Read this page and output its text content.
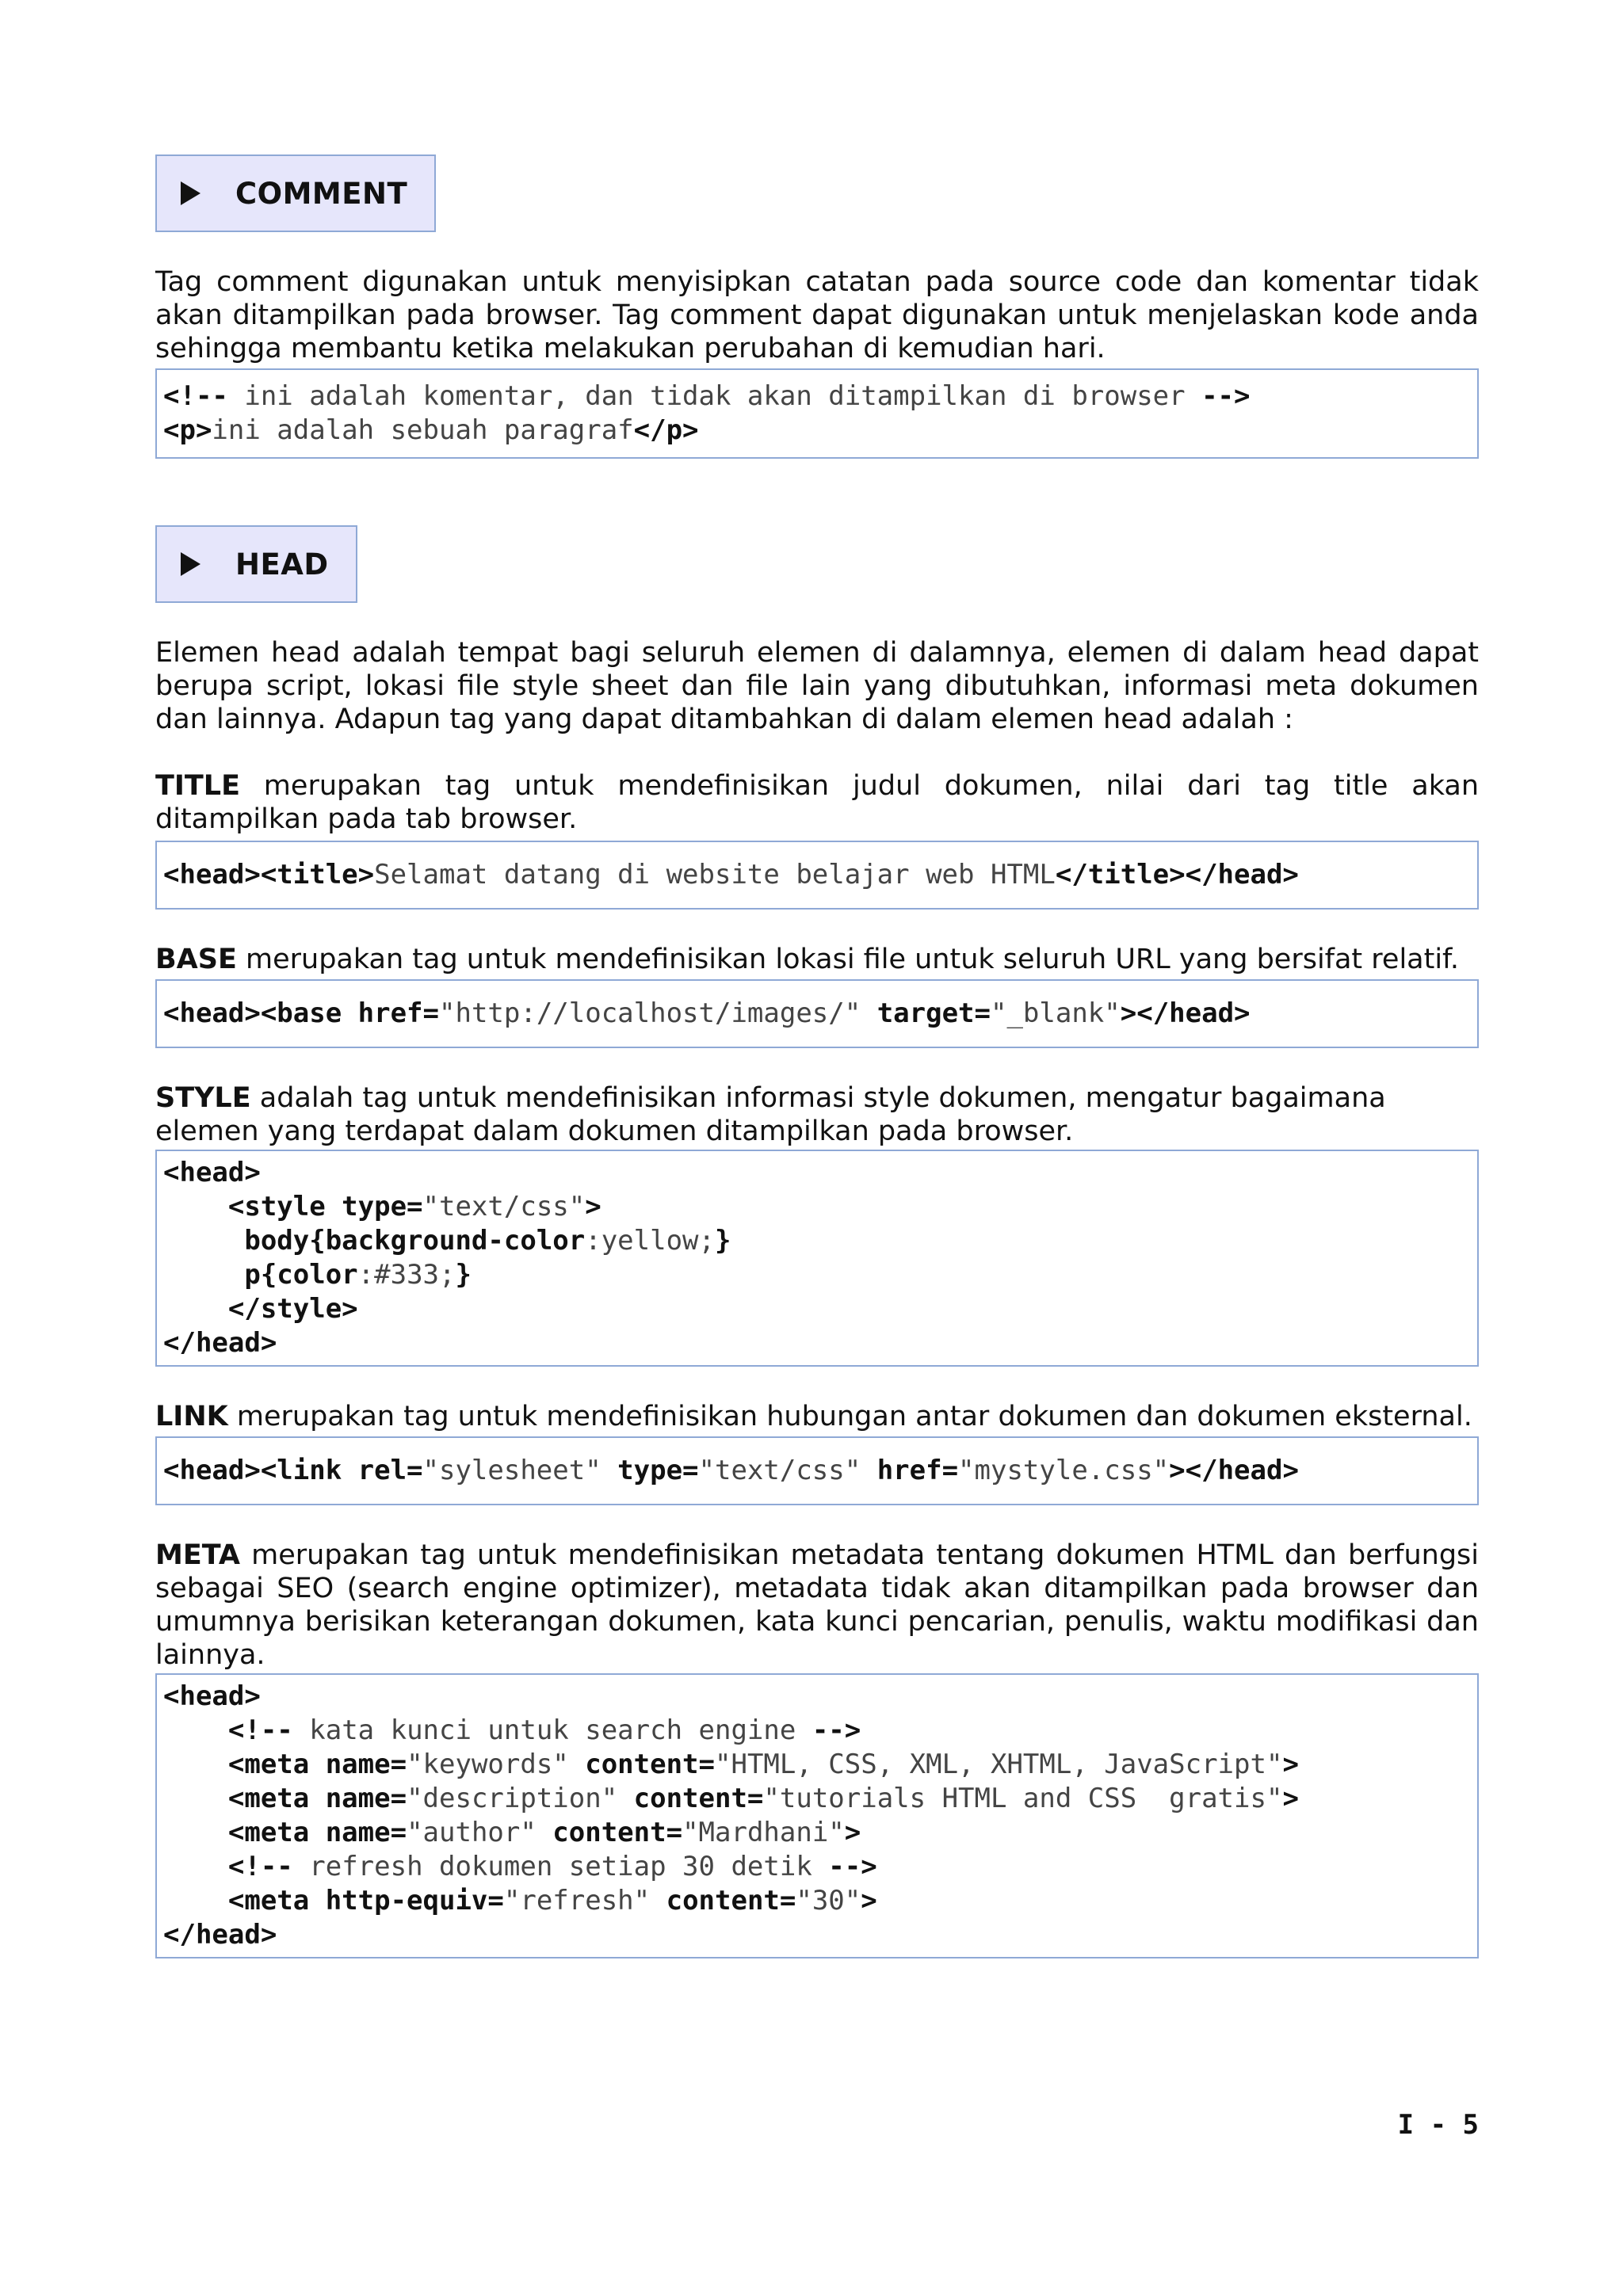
COMMENT

Tag comment digunakan untuk menyisipkan catatan pada source code dan komentar tidak akan ditampilkan pada browser. Tag comment dapat digunakan untuk menjelaskan kode anda sehingga membantu ketika melakukan perubahan di kemudian hari.

<!-- ini adalah komentar, dan tidak akan ditampilkan di browser -->
<p>ini adalah sebuah paragraf</p>
HEAD

Elemen head adalah tempat bagi seluruh elemen di dalamnya, elemen di dalam head dapat berupa script, lokasi file style sheet dan file lain yang dibutuhkan, informasi meta dokumen dan lainnya. Adapun tag yang dapat ditambahkan di dalam elemen head adalah :

TITLE merupakan tag untuk mendefinisikan judul dokumen, nilai dari tag title akan ditampilkan pada tab browser.

<head><title>Selamat datang di website belajar web HTML</title></head>

BASE merupakan tag untuk mendefinisikan lokasi file untuk seluruh URL yang bersifat relatif.

<head><base href="http://localhost/images/" target="_blank"></head>

STYLE adalah tag untuk mendefinisikan informasi style dokumen, mengatur bagaimana elemen yang terdapat dalam dokumen ditampilkan pada browser.

<head>
<style type="text/css">
body{background-color:yellow;}
p{color:#333;}
</style>
</head>

LINK merupakan tag untuk mendefinisikan hubungan antar dokumen dan dokumen eksternal.

<head><link rel="sylesheet" type="text/css" href="mystyle.css"></head>

META merupakan tag untuk mendefinisikan metadata tentang dokumen HTML dan berfungsi sebagai SEO (search engine optimizer), metadata tidak akan ditampilkan pada browser dan umumnya berisikan keterangan dokumen, kata kunci pencarian, penulis, waktu modifikasi dan lainnya.

<head>
<!-- kata kunci untuk search engine -->
<meta name="keywords" content="HTML, CSS, XML, XHTML, JavaScript">
<meta name="description" content="tutorials HTML and CSS  gratis">
<meta name="author" content="Mardhani">
<!-- refresh dokumen setiap 30 detik -->
<meta http-equiv="refresh" content="30">
</head>
I - 5
